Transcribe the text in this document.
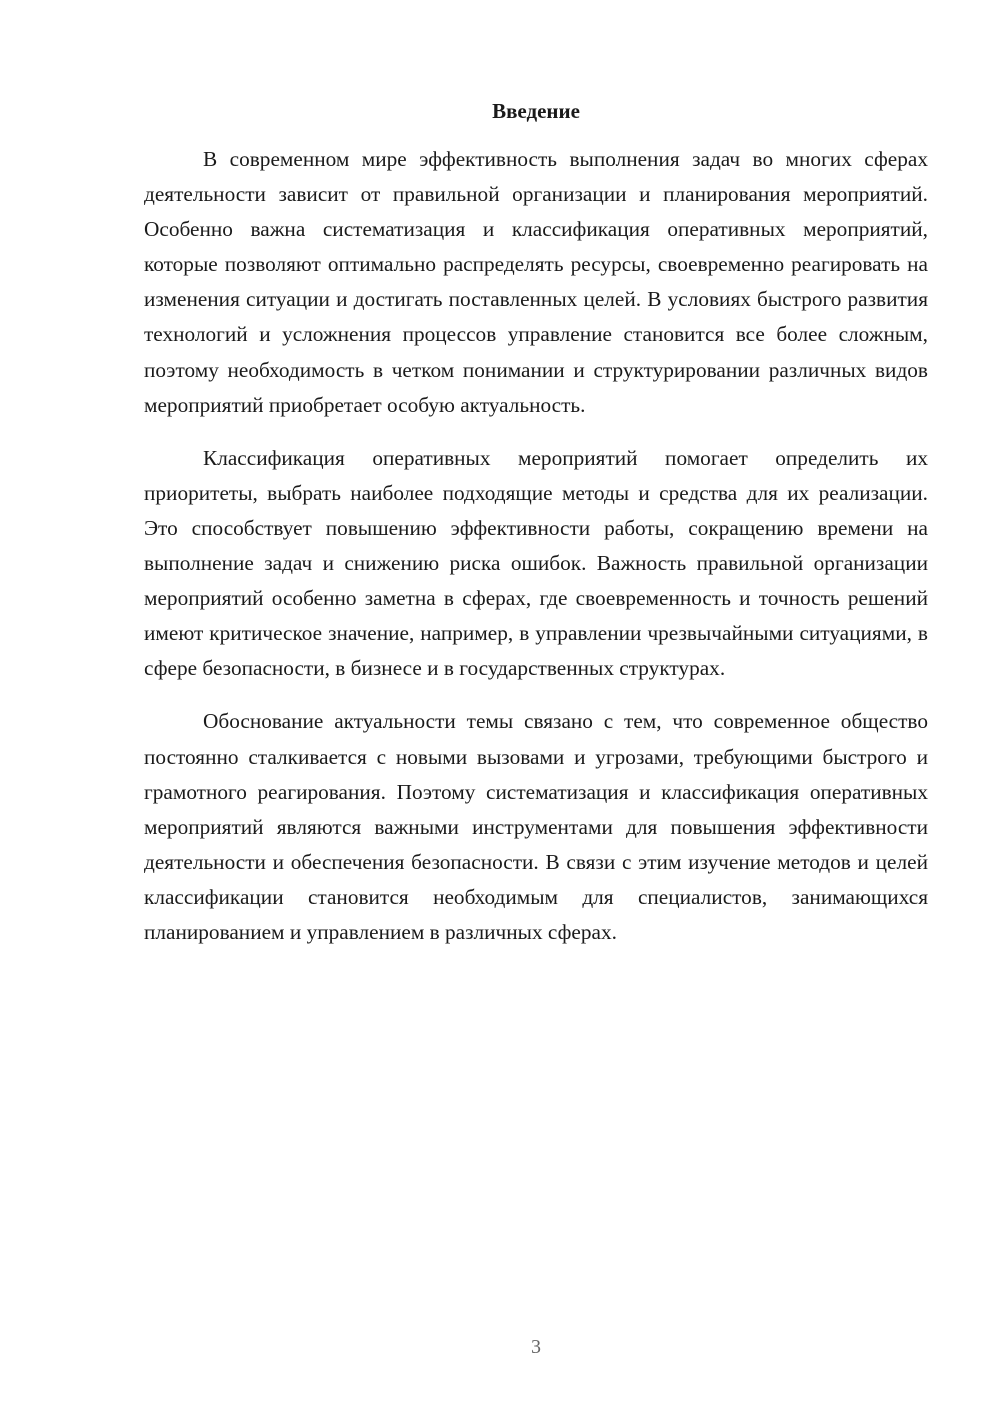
Введение

В современном мире эффективность выполнения задач во многих сферах деятельности зависит от правильной организации и планирования мероприятий. Особенно важна систематизация и классификация оперативных мероприятий, которые позволяют оптимально распределять ресурсы, своевременно реагировать на изменения ситуации и достигать поставленных целей. В условиях быстрого развития технологий и усложнения процессов управление становится все более сложным, поэтому необходимость в четком понимании и структурировании различных видов мероприятий приобретает особую актуальность.

Классификация оперативных мероприятий помогает определить их приоритеты, выбрать наиболее подходящие методы и средства для их реализации. Это способствует повышению эффективности работы, сокращению времени на выполнение задач и снижению риска ошибок. Важность правильной организации мероприятий особенно заметна в сферах, где своевременность и точность решений имеют критическое значение, например, в управлении чрезвычайными ситуациями, в сфере безопасности, в бизнесе и в государственных структурах.

Обоснование актуальности темы связано с тем, что современное общество постоянно сталкивается с новыми вызовами и угрозами, требующими быстрого и грамотного реагирования. Поэтому систематизация и классификация оперативных мероприятий являются важными инструментами для повышения эффективности деятельности и обеспечения безопасности. В связи с этим изучение методов и целей классификации становится необходимым для специалистов, занимающихся планированием и управлением в различных сферах.

3
